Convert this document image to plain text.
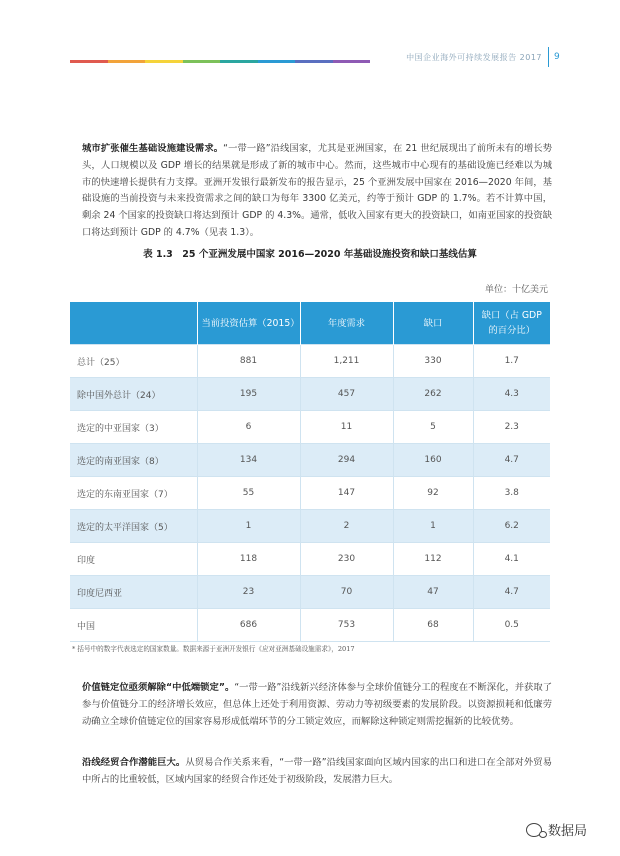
中国企业海外可持续发展报告 2017 9
城市扩张催生基础设施建设需求。“一带一路”沿线国家，尤其是亚洲国家，在 21 世纪展现出了前所未有的增长势头，人口规模以及 GDP 增长的结果就是形成了新的城市中心。然而，这些城市中心现有的基础设施已经难以为城市的快速增长提供有力支撑。亚洲开发银行最新发布的报告显示，25 个亚洲发展中国家在 2016—2020 年间，基础设施的当前投资与未来投资需求之间的缺口为每年 3300 亿美元，约等于预计 GDP 的 1.7%。若不计算中国，剩余 24 个国家的投资缺口将达到预计 GDP 的 4.3%。通常，低收入国家有更大的投资缺口，如南亚国家的投资缺口将达到预计 GDP 的 4.7%（见表 1.3）。
表 1.3　25 个亚洲发展中国家 2016—2020 年基础设施投资和缺口基线估算
单位：十亿美元
	当前投资估算（2015）	年度需求	缺口	缺口（占 GDP 的百分比）
总计（25）	881	1,211	330	1.7
除中国外总计（24）	195	457	262	4.3
选定的中亚国家（3）	6	11	5	2.3
选定的南亚国家（8）	134	294	160	4.7
选定的东南亚国家（7）	55	147	92	3.8
选定的太平洋国家（5）	1	2	1	6.2
印度	118	230	112	4.1
印度尼西亚	23	70	47	4.7
中国	686	753	68	0.5
* 括号中的数字代表选定的国家数量。数据来源于亚洲开发银行《应对亚洲基础设施需求》，2017
价值链定位亟须解除“中低端锁定”。“一带一路”沿线新兴经济体参与全球价值链分工的程度在不断深化，并获取了参与价值链分工的经济增长效应，但总体上还处于利用资源、劳动力等初级要素的发展阶段。以资源损耗和低廉劳动确立全球价值链定位的国家容易形成低端环节的分工锁定效应，而解除这种锁定则需挖掘新的比较优势。
沿线经贸合作潜能巨大。从贸易合作关系来看，“一带一路”沿线国家面向区域内国家的出口和进口在全部对外贸易中所占的比重较低，区域内国家的经贸合作还处于初级阶段，发展潜力巨大。
数据局
